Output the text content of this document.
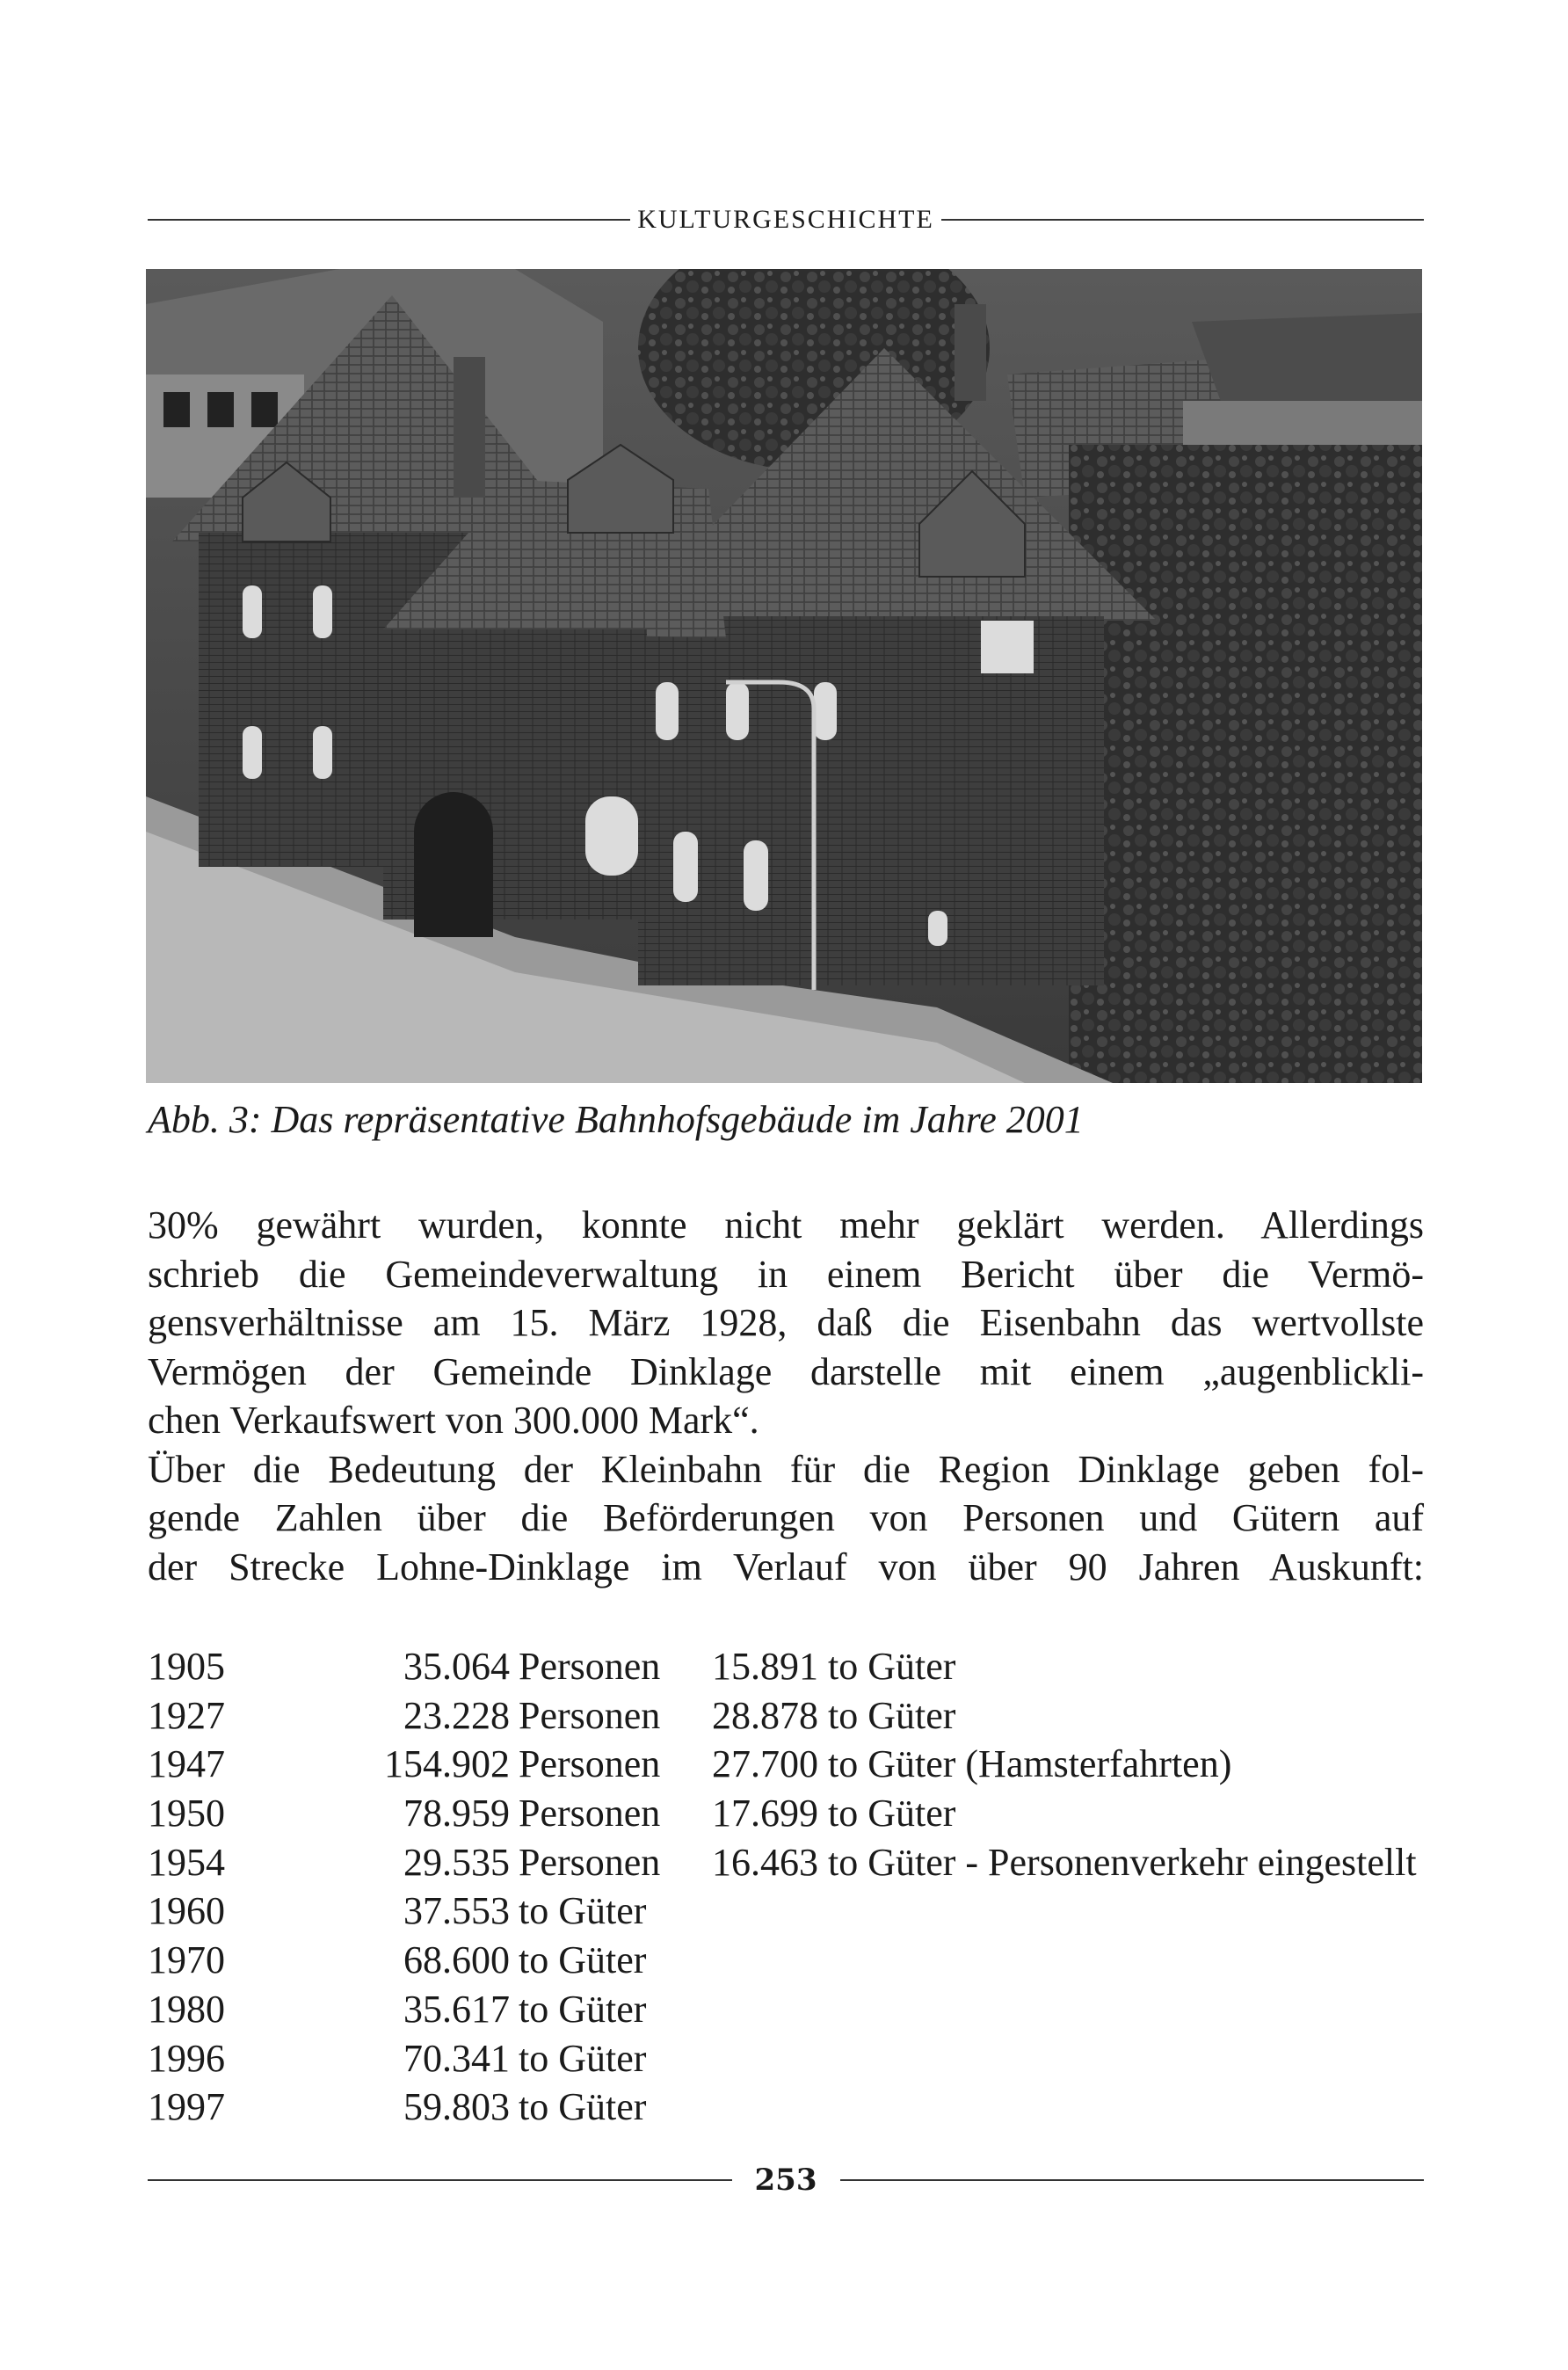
KULTURGESCHICHTE
Abb. 3: Das repräsentative Bahnhofsgebäude im Jahre 2001
30% gewährt wurden, konnte nicht mehr geklärt werden. Allerdings
schrieb die Gemeindeverwaltung in einem Bericht über die Vermö-
gensverhältnisse am 15. März 1928, daß die Eisenbahn das wertvollste
Vermögen der Gemeinde Dinklage darstelle mit einem „augenblickli-
chen Verkaufswert von 300.000 Mark“.
Über die Bedeutung der Kleinbahn für die Region Dinklage geben fol-
gende Zahlen über die Beförderungen von Personen und Gütern auf
der Strecke Lohne-Dinklage im Verlauf von über 90 Jahren Auskunft:
1905	35.064 Personen	15.891 to Güter
1927	23.228 Personen	28.878 to Güter
1947	154.902 Personen	27.700 to Güter (Hamsterfahrten)
1950	78.959 Personen	17.699 to Güter
1954	29.535 Personen	16.463 to Güter - Personenverkehr eingestellt
1960	37.553 to Güter
1970	68.600 to Güter
1980	35.617 to Güter
1996	70.341 to Güter
1997	59.803 to Güter
253
